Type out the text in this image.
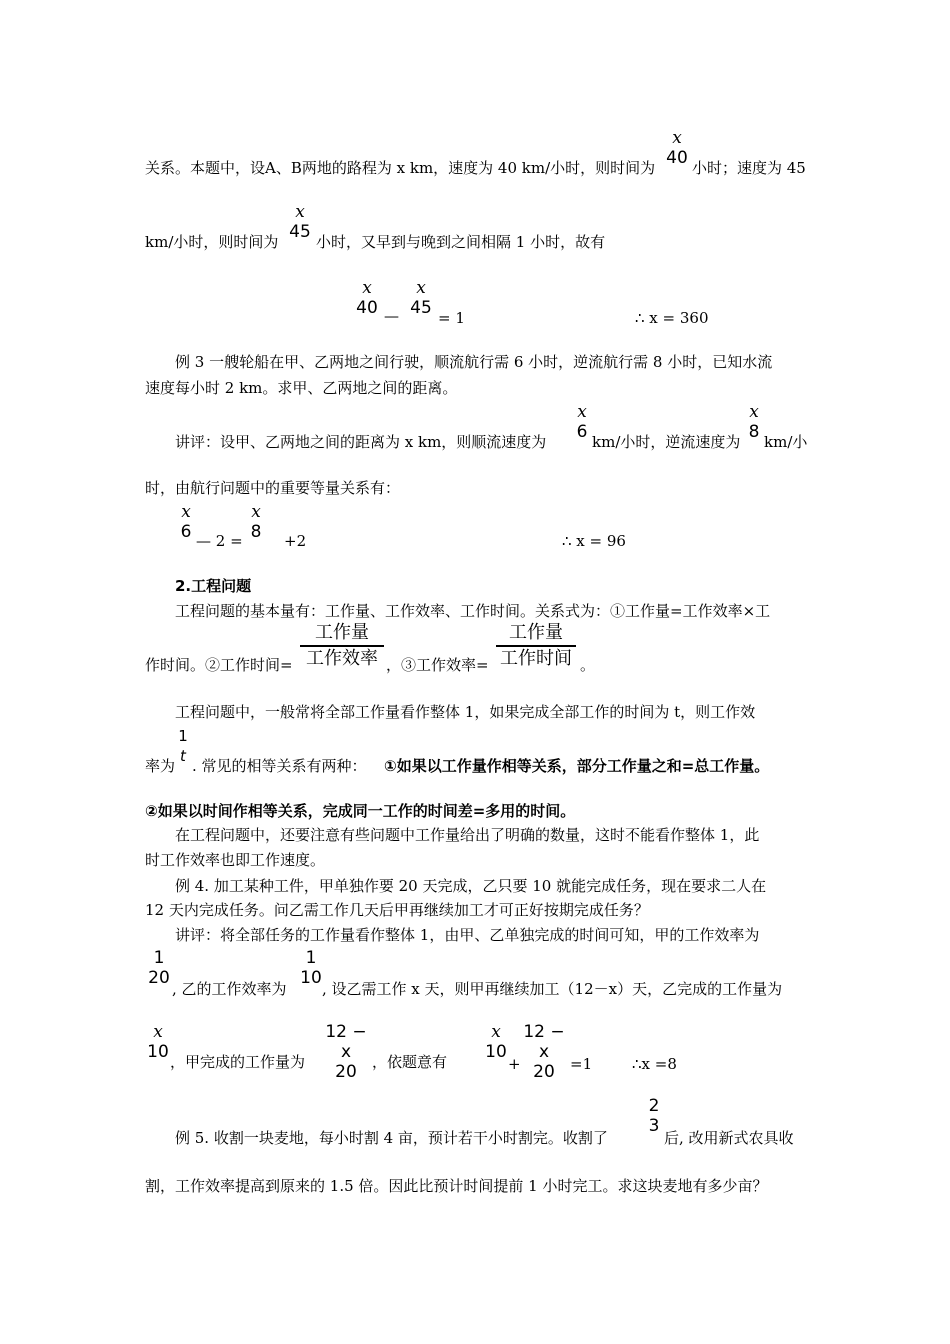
关系。本题中，设A、B两地的路程为 x km，速度为 40 km/小时，则时间为
x
40 小时；速度为 45
km/小时，则时间为
x
45 小时，又早到与晚到之间相隔 1 小时，故有
x
40 —
x
45 = 1	∴ x = 360
例 3 一艘轮船在甲、乙两地之间行驶，顺流航行需 6 小时，逆流航行需 8 小时，已知水流
速度每小时 2 km。求甲、乙两地之间的距离。
讲评：设甲、乙两地之间的距离为 x km，则顺流速度为
x
6 km/小时，逆流速度为
x
8 km/小
时，由航行问题中的重要等量关系有：
x
6 — 2 =
x
8 +2	∴ x = 96
2.工程问题
工程问题的基本量有：工作量、工作效率、工作时间。关系式为：①工作量=工作效率×工
作时间。②工作时间=
工作量
工作效率 ，③工作效率=
工作量
工作时间 。
工程问题中，一般常将全部工作量看作整体 1，如果完成全部工作的时间为 t，则工作效
率为
1
t
. 常见的相等关系有两种： ①如果以工作量作相等关系，部分工作量之和=总工作量。
②如果以时间作相等关系，完成同一工作的时间差=多用的时间。
在工程问题中，还要注意有些问题中工作量给出了明确的数量，这时不能看作整体 1，此
时工作效率也即工作速度。
例 4. 加工某种工件，甲单独作要 20 天完成，乙只要 10 就能完成任务，现在要求二人在
12 天内完成任务。问乙需工作几天后甲再继续加工才可正好按期完成任务？
讲评：将全部任务的工作量看作整体 1，由甲、乙单独完成的时间可知，甲的工作效率为
1
20
, 乙的工作效率为
1
10
, 设乙需工作 x 天，则甲再继续加工（12－x）天，乙完成的工作量为
x
10 ，甲完成的工作量为
12 − x
20	，依题意有
x
10
+
12 − x
20	=1	∴x =8
例 5. 收割一块麦地，每小时割 4 亩，预计若干小时割完。收割了
2
3
后, 改用新式农具收
割，工作效率提高到原来的 1.5 倍。因此比预计时间提前 1 小时完工。求这块麦地有多少亩？
